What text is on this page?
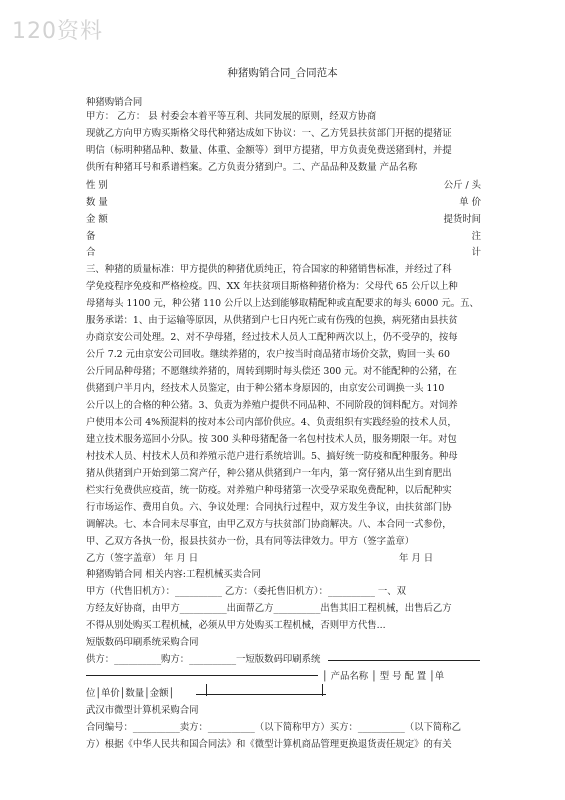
120资料
种猪购销合同_合同范本
种猪购销合同
甲方： 乙方： 县 村委会本着平等互利、共同发展的原则，经双方协商
现就乙方向甲方购买斯格父母代种猪达成如下协议：一、乙方凭县扶贫部门开据的提猪证
明信（标明种猪品种、数量、体重、金额等）到甲方提猪，甲方负责免费送猪到村，并提
供所有种猪耳号和系谱档案。乙方负责分猪到户。二、产品品种及数量 产品名称
性 别	公斤 / 头
数 量	单 价
金 额	提货时间
备	注
合	计
三、种猪的质量标准：甲方提供的种猪优质纯正，符合国家的种猪销售标准，并经过了科
学免疫程序免疫和严格检疫。四、XX 年扶贫项目斯格种猪价格为：父母代 65 公斤以上种
母猪每头 1100 元，种公猪 110 公斤以上达到能够取精配种或直配要求的每头 6000 元。五、
服务承诺：1、由于运输等原因，从供猪到户七日内死亡或有伤残的包换，病死猪由县扶贫
办商京安公司处理。2、对不孕母猪，经过技术人员人工配种两次以上，仍不受孕的，按每
公斤 7.2 元由京安公司回收。继续养猪的，农户按当时商品猪市场价交款，购回一头 60
公斤同品种母猪；不愿继续养猪的，周转到期时每头偿还 300 元。对不能配种的公猪，在
供猪到户半月内，经技术人员鉴定，由于种公猪本身原因的，由京安公司调换一头 110
公斤以上的合格的种公猪。3、负责为养殖户提供不同品种、不同阶段的饲料配方。对饲养
户使用本公司 4%预混料的按对本公司内部价供应。4、负责组织有实践经验的技术人员，
建立技术服务巡回小分队。按 300 头种母猪配备一名包村技术人员，服务期限一年。对包
村技术人员、村技术人员和养殖示范户进行系统培训。5、搞好统一防疫和配种服务。种母
猪从供猪到户开始到第二窝产仔，种公猪从供猪到户一年内，第一窝仔猪从出生到育肥出
栏实行免费供应疫苗，统一防疫。对养殖户种母猪第一次受孕采取免费配种，以后配种实
行市场运作、费用自负。六、争议处理：合同执行过程中，双方发生争议，由扶贫部门协
调解决。七、本合同未尽事宜，由甲乙双方与扶贫部门协商解决。八、本合同一式参份，
甲、乙双方各执一份，报县扶贫办一份，具有同等法律效力。甲方（签字盖章）
乙方（签字盖章） 年 月 日	年 月 日
种猪购销合同 相关内容:工程机械买卖合同
甲方（代售旧机方）：__________ 乙方：（委托售旧机方）：__________ 一、双
方经友好协商，由甲方__________出面帮乙方__________出售其旧工程机械，出售后乙方
不得从别处购买工程机械，必须从甲方处购买工程机械，否则甲方代售...
短版数码印刷系统采购合同
供方：__________购方：__________一短版数码印刷系统
│ 产品名称 │ 型 号 配 置 │单
位│单价│数量│金额│
武汉市微型计算机采购合同
合同编号：__________卖方：__________（以下简称甲方）买方：__________（以下简称乙
方）根据《中华人民共和国合同法》和《微型计算机商品管理更换退货责任规定》的有关
